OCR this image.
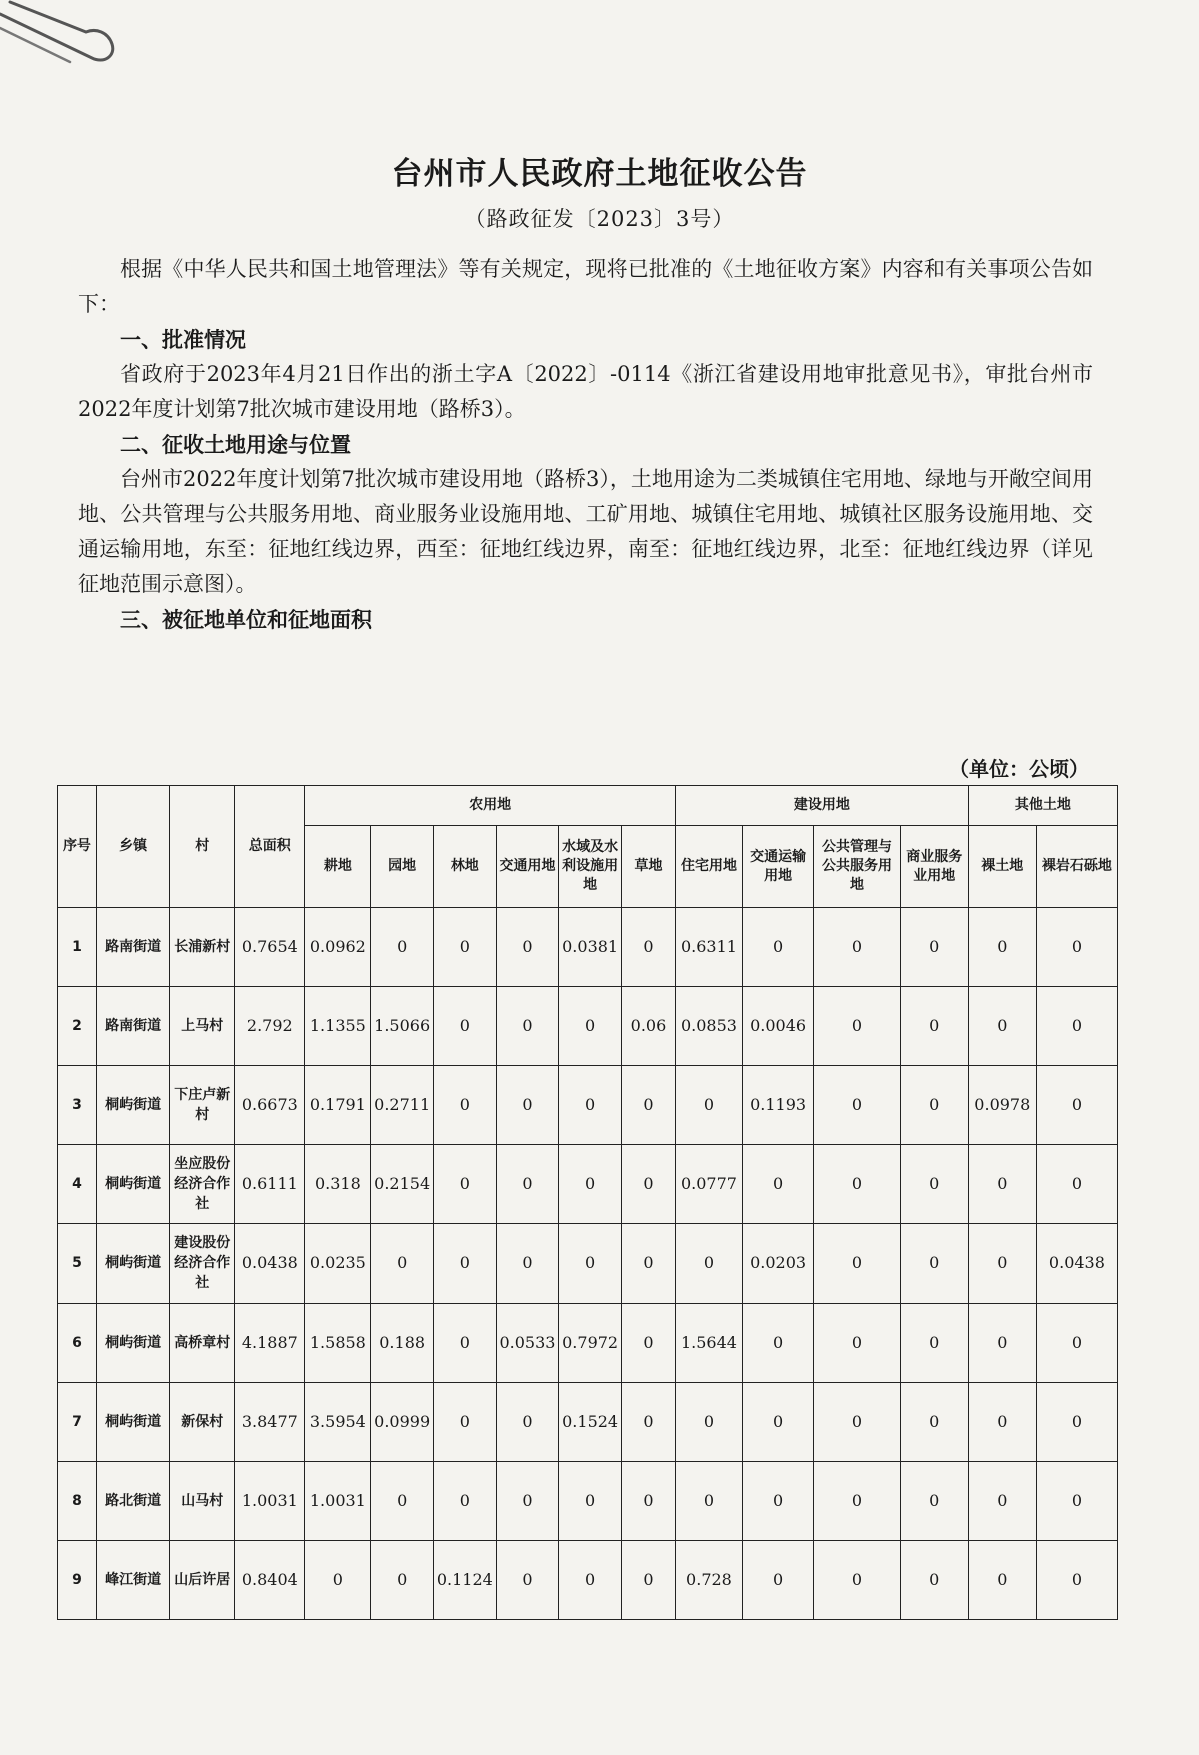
台州市人民政府土地征收公告
（路政征发〔2023〕3号）

根据《中华人民共和国土地管理法》等有关规定，现将已批准的《土地征收方案》内容和有关事项公告如下：

一、批准情况

省政府于2023年4月21日作出的浙土字A〔2022〕-0114《浙江省建设用地审批意见书》，审批台州市2022年度计划第7批次城市建设用地（路桥3）。

二、征收土地用途与位置

台州市2022年度计划第7批次城市建设用地（路桥3），土地用途为二类城镇住宅用地、绿地与开敞空间用地、公共管理与公共服务用地、商业服务业设施用地、工矿用地、城镇住宅用地、城镇社区服务设施用地、交通运输用地，东至：征地红线边界，西至：征地红线边界，南至：征地红线边界，北至：征地红线边界（详见征地范围示意图）。

三、被征地单位和征地面积

（单位：公顷）
序号	乡镇	村	总面积	农用地						建设用地				其他土地	
				耕地	园地	林地	交通用地	水域及水利设施用地	草地	住宅用地	交通运输用地	公共管理与公共服务用地	商业服务业用地	裸土地	裸岩石砾地
1	路南街道	长浦新村	0.7654	0.0962	0	0	0	0.0381	0	0.6311	0	0	0	0	0
2	路南街道	上马村	2.792	1.1355	1.5066	0	0	0	0.06	0.0853	0.0046	0	0	0	0
3	桐屿街道	下庄卢新村	0.6673	0.1791	0.2711	0	0	0	0	0	0.1193	0	0	0.0978	0
4	桐屿街道	坐应股份经济合作社	0.6111	0.318	0.2154	0	0	0	0	0.0777	0	0	0	0	0
5	桐屿街道	建设股份经济合作社	0.0438	0.0235	0	0	0	0	0	0	0.0203	0	0	0	0.0438
6	桐屿街道	高桥章村	4.1887	1.5858	0.188	0	0.0533	0.7972	0	1.5644	0	0	0	0	0
7	桐屿街道	新保村	3.8477	3.5954	0.0999	0	0	0.1524	0	0	0	0	0	0	0
8	路北街道	山马村	1.0031	1.0031	0	0	0	0	0	0	0	0	0	0	0
9	峰江街道	山后许居	0.8404	0	0	0.1124	0	0	0	0.728	0	0	0	0	0
